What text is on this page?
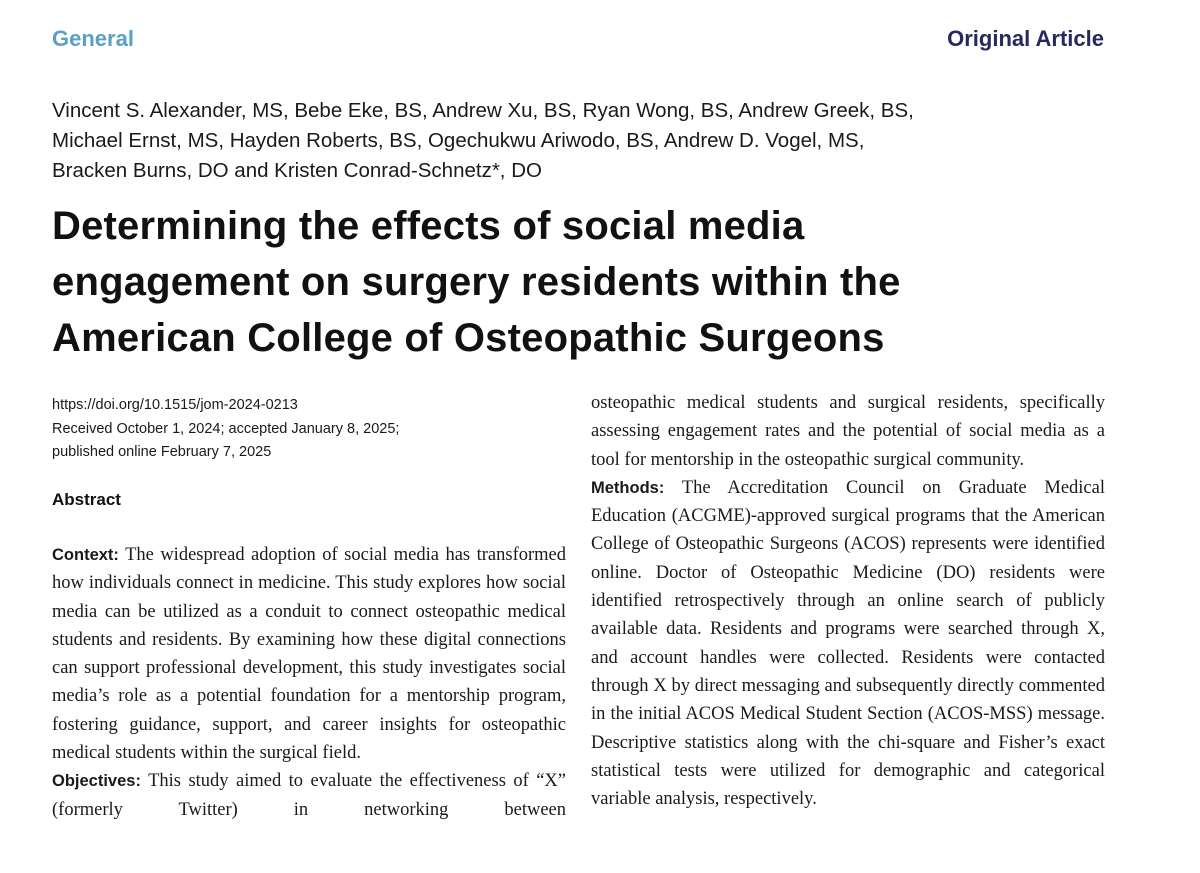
General	Original Article
Vincent S. Alexander, MS, Bebe Eke, BS, Andrew Xu, BS, Ryan Wong, BS, Andrew Greek, BS,
Michael Ernst, MS, Hayden Roberts, BS, Ogechukwu Ariwodo, BS, Andrew D. Vogel, MS,
Bracken Burns, DO and Kristen Conrad-Schnetz*, DO
Determining the effects of social media
engagement on surgery residents within the
American College of Osteopathic Surgeons
https://doi.org/10.1515/jom-2024-0213
Received October 1, 2024; accepted January 8, 2025;
published online February 7, 2025
Abstract

Context: The widespread adoption of social media has transformed how individuals connect in medicine. This study explores how social media can be utilized as a conduit to connect osteopathic medical students and residents. By examining how these digital connections can support professional development, this study investigates social media’s role as a potential foundation for a mentorship program, fostering guidance, support, and career insights for osteopathic medical students within the surgical field.

Objectives: This study aimed to evaluate the effectiveness of “X” (formerly Twitter) in networking between

osteopathic medical students and surgical residents, specifically assessing engagement rates and the potential of social media as a tool for mentorship in the osteopathic surgical community.

Methods: The Accreditation Council on Graduate Medical Education (ACGME)-approved surgical programs that the American College of Osteopathic Surgeons (ACOS) represents were identified online. Doctor of Osteopathic Medicine (DO) residents were identified retrospectively through an online search of publicly available data. Residents and programs were searched through X, and account handles were collected. Residents were contacted through X by direct messaging and subsequently directly commented in the initial ACOS Medical Student Section (ACOS-MSS) message. Descriptive statistics along with the chi-square and Fisher’s exact statistical tests were utilized for demographic and categorical variable analysis, respectively.
